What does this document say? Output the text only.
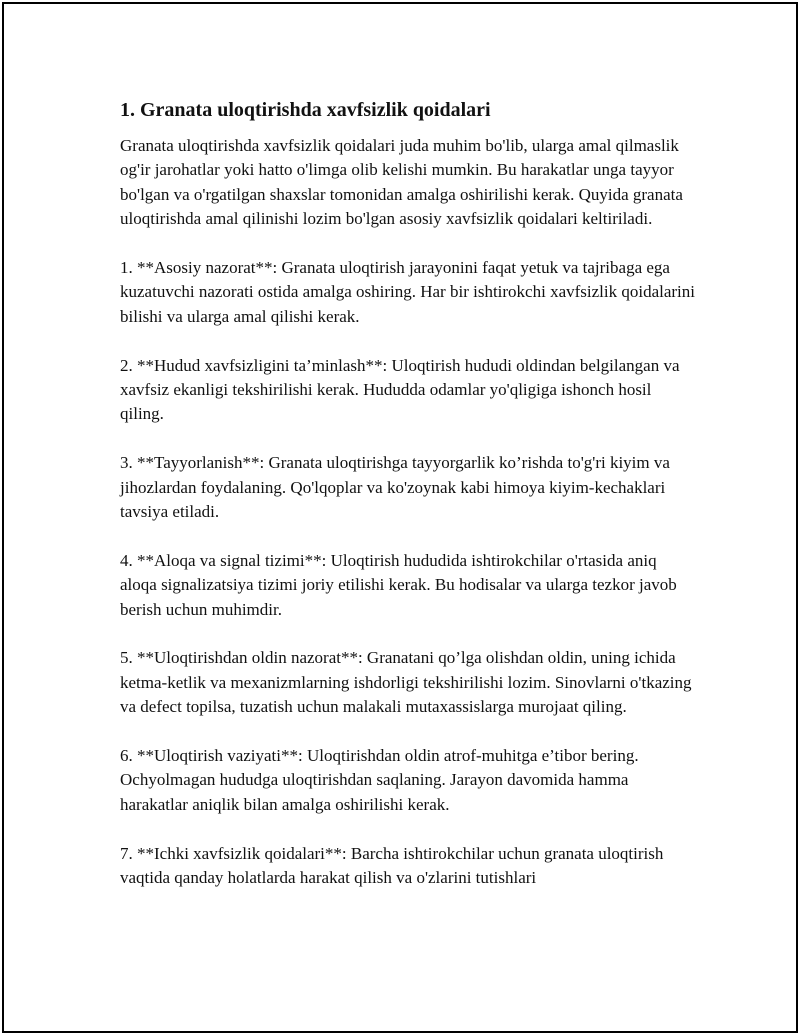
1. Granata uloqtirishda xavfsizlik qoidalari

Granata uloqtirishda xavfsizlik qoidalari juda muhim bo'lib, ularga amal qilmaslik og'ir jarohatlar yoki hatto o'limga olib kelishi mumkin. Bu harakatlar unga tayyor bo'lgan va o'rgatilgan shaxslar tomonidan amalga oshirilishi kerak. Quyida granata uloqtirishda amal qilinishi lozim bo'lgan asosiy xavfsizlik qoidalari keltiriladi.

1. **Asosiy nazorat**: Granata uloqtirish jarayonini faqat yetuk va tajribaga ega kuzatuvchi nazorati ostida amalga oshiring. Har bir ishtirokchi xavfsizlik qoidalarini bilishi va ularga amal qilishi kerak.

2. **Hudud xavfsizligini ta’minlash**: Uloqtirish hududi oldindan belgilangan va xavfsiz ekanligi tekshirilishi kerak. Hududda odamlar yo'qligiga ishonch hosil qiling.

3. **Tayyorlanish**: Granata uloqtirishga tayyorgarlik ko’rishda to'g'ri kiyim va jihozlardan foydalaning. Qo'lqoplar va ko'zoynak kabi himoya kiyim-kechaklari tavsiya etiladi.

4. **Aloqa va signal tizimi**: Uloqtirish hududida ishtirokchilar o'rtasida aniq aloqa signalizatsiya tizimi joriy etilishi kerak. Bu hodisalar va ularga tezkor javob berish uchun muhimdir.

5. **Uloqtirishdan oldin nazorat**: Granatani qo’lga olishdan oldin, uning ichida ketma-ketlik va mexanizmlarning ishdorligi tekshirilishi lozim. Sinovlarni o'tkazing va defect topilsa, tuzatish uchun malakali mutaxassislarga murojaat qiling.

6. **Uloqtirish vaziyati**: Uloqtirishdan oldin atrof-muhitga e’tibor bering. Ochyolmagan hududga uloqtirishdan saqlaning. Jarayon davomida hamma harakatlar aniqlik bilan amalga oshirilishi kerak.

7. **Ichki xavfsizlik qoidalari**: Barcha ishtirokchilar uchun granata uloqtirish vaqtida qanday holatlarda harakat qilish va o'zlarini tutishlari
